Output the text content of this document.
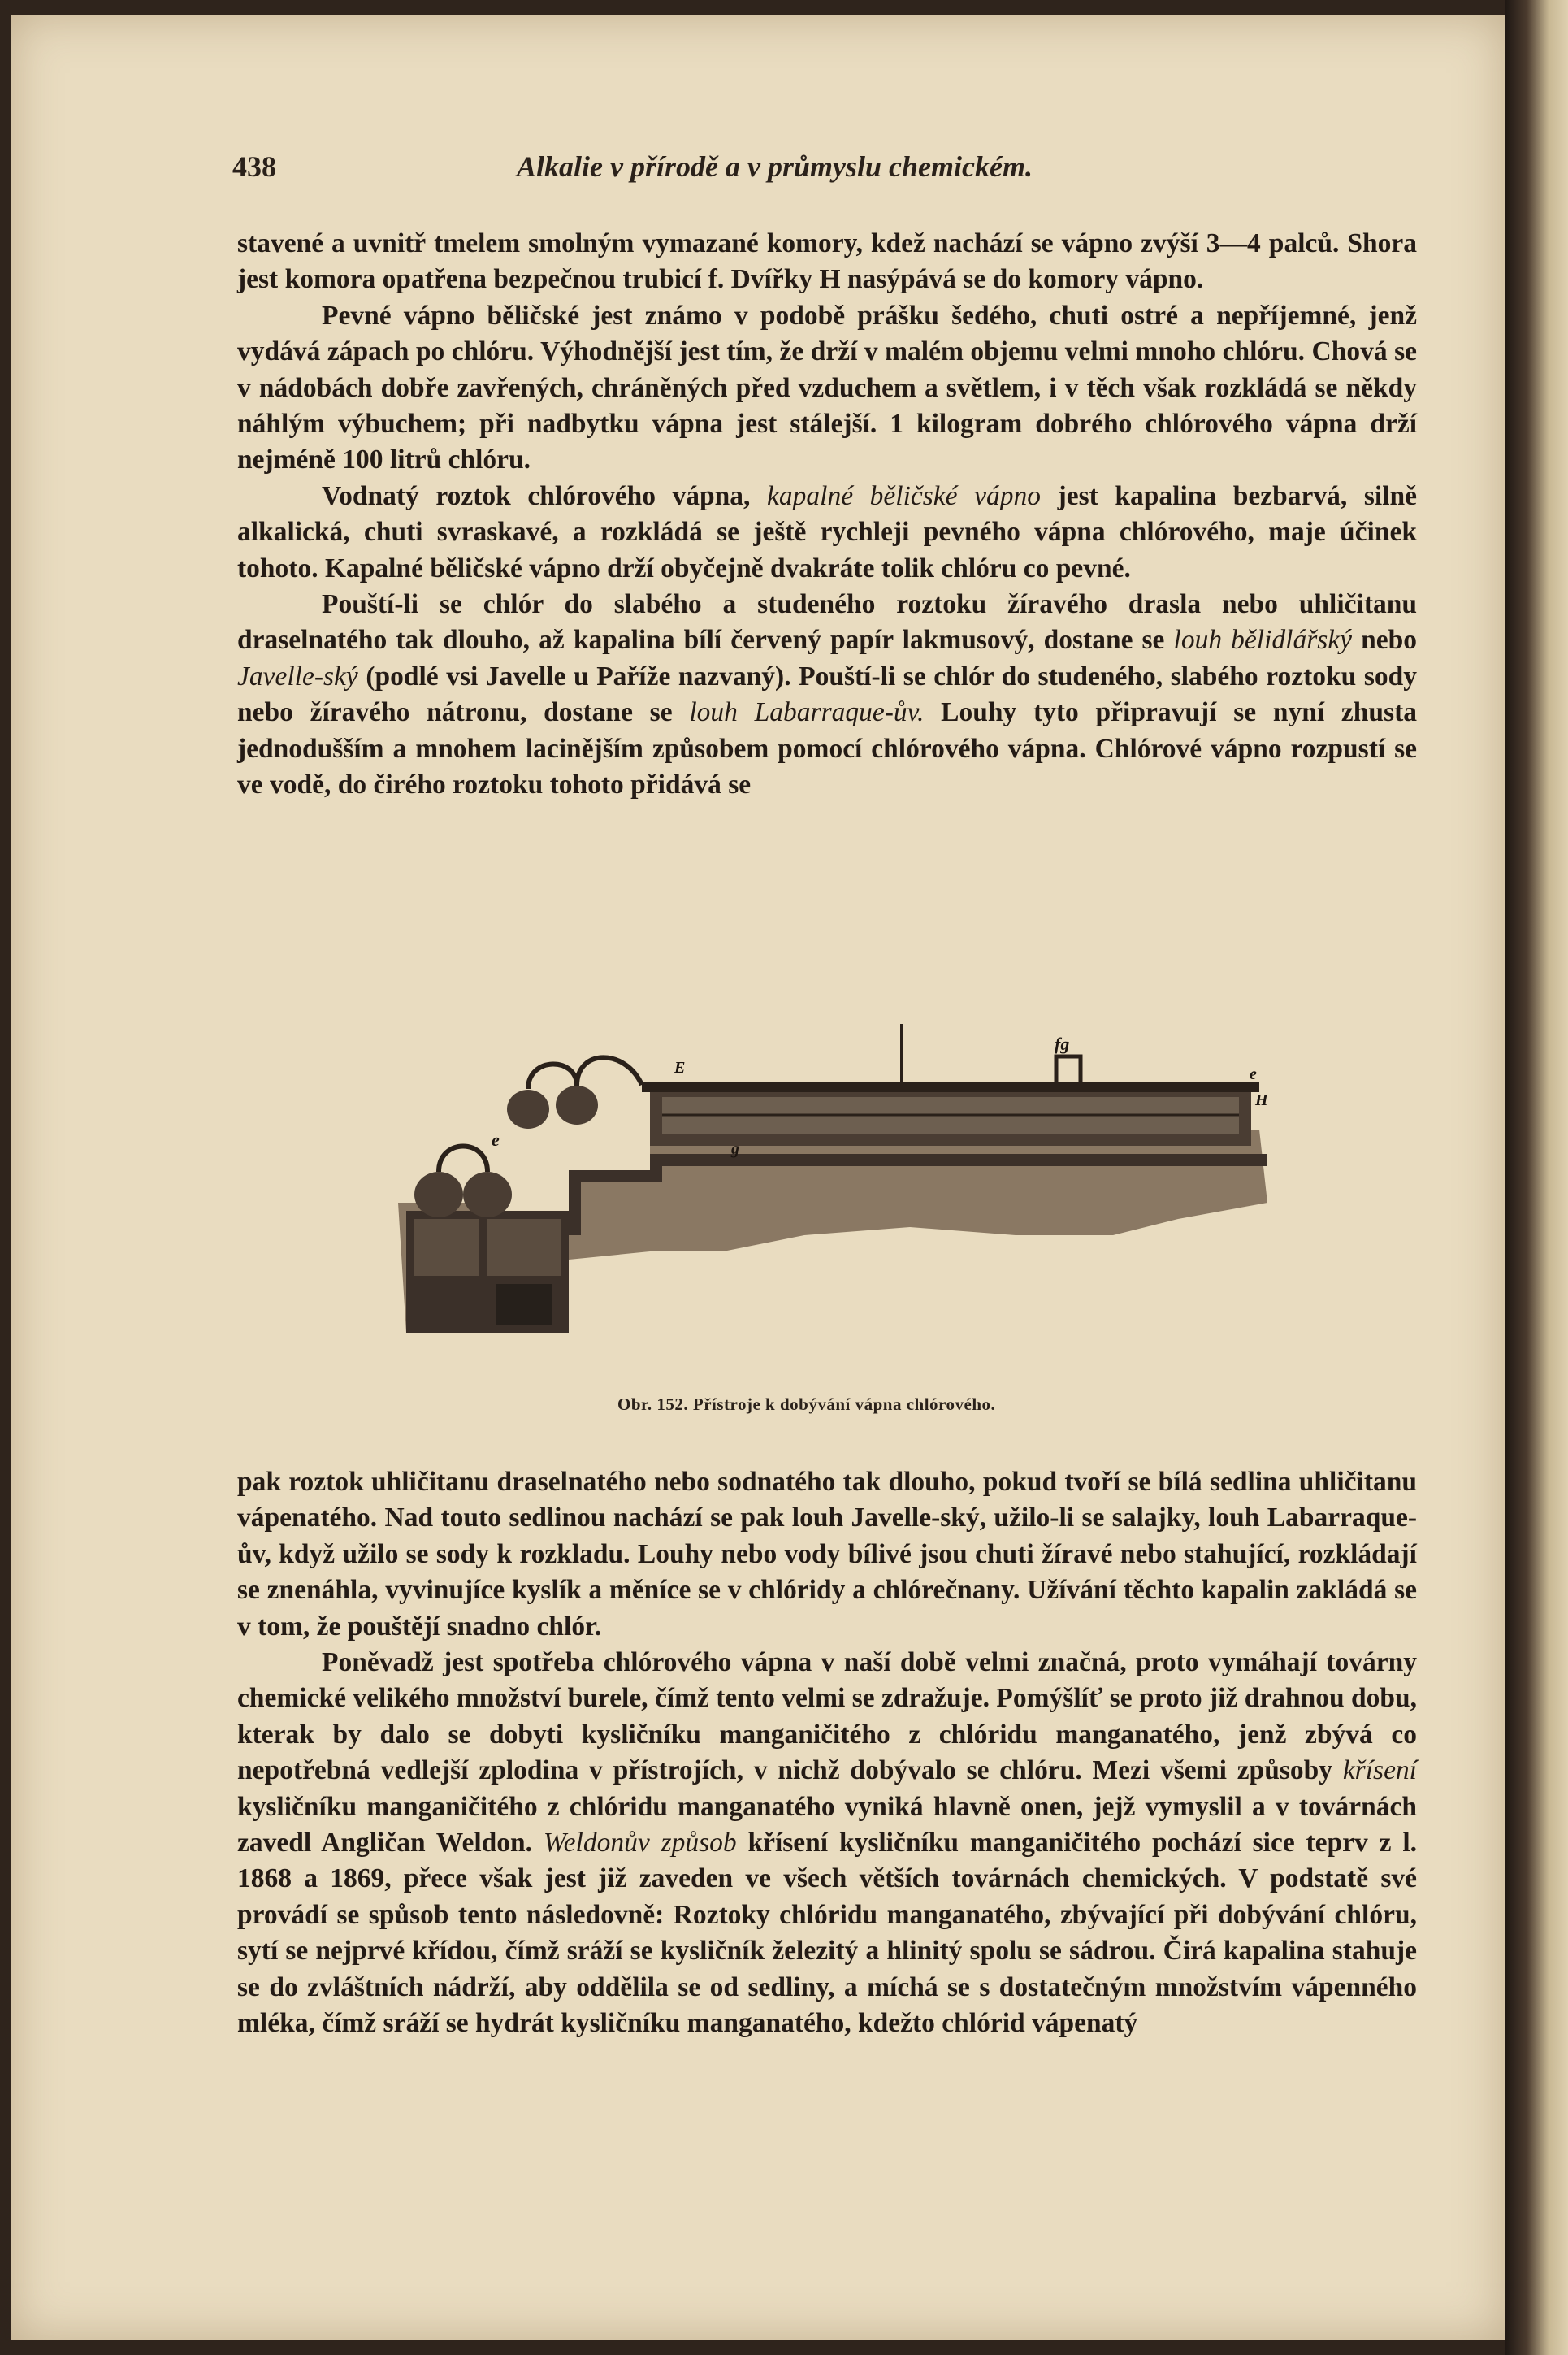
438	Alkalie v přírodě a v průmyslu chemickém.

stavené a uvnitř tmelem smolným vymazané komory, kdež nachází se vápno zvýší 3—4 palců. Shora jest komora opatřena bezpečnou trubicí f. Dvířky H nasýpává se do komory vápno.

Pevné vápno běličské jest známo v podobě prášku šedého, chuti ostré a nepříjemné, jenž vydává zápach po chlóru. Výhodnější jest tím, že drží v malém objemu velmi mnoho chlóru. Chová se v nádobách dobře zavřených, chráněných před vzduchem a světlem, i v těch však rozkládá se někdy náhlým výbuchem; při nadbytku vápna jest stálejší. 1 kilogram dobrého chlórového vápna drží nejméně 100 litrů chlóru.

Vodnatý roztok chlórového vápna, kapalné běličské vápno jest kapalina bezbarvá, silně alkalická, chuti svraskavé, a rozkládá se ještě rychleji pevného vápna chlórového, maje účinek tohoto. Kapalné běličské vápno drží obyčejně dvakráte tolik chlóru co pevné.

Pouští-li se chlór do slabého a studeného roztoku žíravého drasla nebo uhličitanu draselnatého tak dlouho, až kapalina bílí červený papír lakmusový, dostane se louh bělidlářský nebo Javelle-ský (podlé vsi Javelle u Paříže nazvaný). Pouští-li se chlór do studeného, slabého roztoku sody nebo žíravého nátronu, dostane se louh Labarraque-ův. Louhy tyto připravují se nyní zhusta jednodušším a mnohem lacinějším způsobem pomocí chlórového vápna. Chlórové vápno rozpustí se ve vodě, do čirého roztoku tohoto přidává se

fg
e
H
e	g
E
Obr. 152. Přístroje k dobývání vápna chlórového.

pak roztok uhličitanu draselnatého nebo sodnatého tak dlouho, pokud tvoří se bílá sedlina uhličitanu vápenatého. Nad touto sedlinou nachází se pak louh Javelle-ský, užilo-li se salajky, louh Labarraque-ův, když užilo se sody k rozkladu. Louhy nebo vody bílivé jsou chuti žíravé nebo stahující, rozkládají se znenáhla, vyvinujíce kyslík a měníce se v chlóridy a chlórečnany. Užívání těchto kapalin zakládá se v tom, že pouštějí snadno chlór.

Poněvadž jest spotřeba chlórového vápna v naší době velmi značná, proto vymáhají továrny chemické velikého množství burele, čímž tento velmi se zdražuje. Pomýšlíť se proto již drahnou dobu, kterak by dalo se dobyti kysličníku manganičitého z chlóridu manganatého, jenž zbývá co nepotřebná vedlejší zplodina v přístrojích, v nichž dobývalo se chlóru. Mezi všemi způsoby křísení kysličníku manganičitého z chlóridu manganatého vyniká hlavně onen, jejž vymyslil a v továrnách zavedl Angličan Weldon. Weldonův způsob křísení kysličníku manganičitého pochází sice teprv z l. 1868 a 1869, přece však jest již zaveden ve všech větších továrnách chemických. V podstatě své provádí se spůsob tento následovně: Roztoky chlóridu manganatého, zbývající při dobývání chlóru, sytí se nejprvé křídou, čímž sráží se kysličník železitý a hlinitý spolu se sádrou. Čirá kapalina stahuje se do zvláštních nádrží, aby oddělila se od sedliny, a míchá se s dostatečným množstvím vápenného mléka, čímž sráží se hydrát kysličníku manganatého, kdežto chlórid vápenatý
